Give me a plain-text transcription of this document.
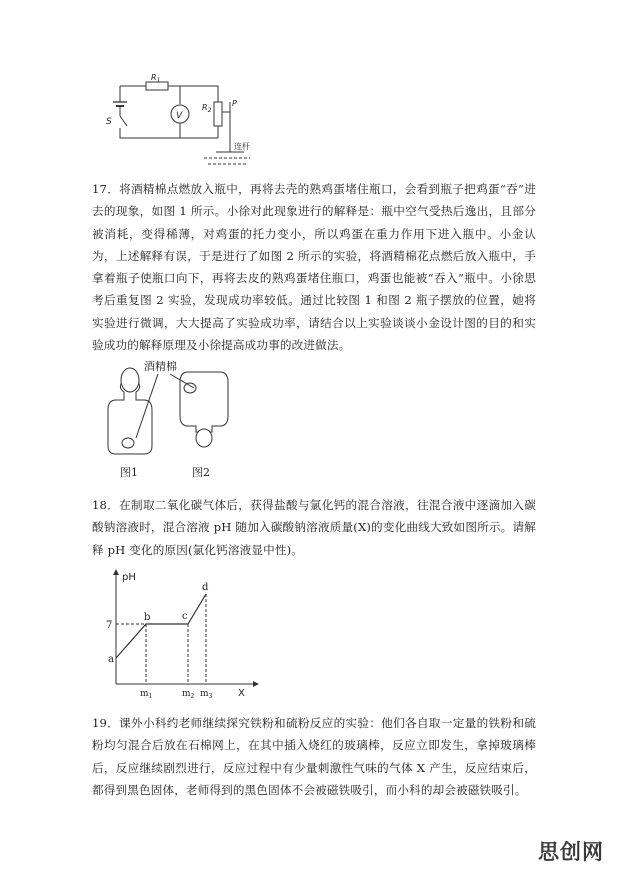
S
$R_1$
V
$R_2$
P
连杆

17．将酒精棉点燃放入瓶中，再将去壳的熟鸡蛋堵住瓶口，会看到瓶子把鸡蛋“吞”进去的现象，如图 1 所示。小徐对此现象进行的解释是：瓶中空气受热后逸出，且部分被消耗，变得稀薄，对鸡蛋的托力变小，所以鸡蛋在重力作用下进入瓶中。小金认为，上述解释有误，于是进行了如图 2 所示的实验，将酒精棉花点燃后放入瓶中，手拿着瓶子使瓶口向下，再将去皮的熟鸡蛋堵住瓶口，鸡蛋也能被“吞入”瓶中。小徐思考后重复图 2 实验，发现成功率较低。通过比较图 1 和图 2 瓶子摆放的位置，她将实验进行微调，大大提高了实验成功率，请结合以上实验谈谈小金设计图的目的和实验成功的解释原理及小徐提高成功事的改进做法。

酒精棉
图1	图2

18．在制取二氧化碳气体后，获得盐酸与氯化钙的混合溶液，往混合液中逐滴加入碳酸钠溶液时，混合溶液 pH 随加入碳酸钠溶液质量(X)的变化曲线大致如图所示。请解释 pH 变化的原因(氯化钙溶液显中性)。

pH
X
7
a
b	c
d
$m_1$	$m_2$ $m_3$

19．课外小科约老师继续探究铁粉和硫粉反应的实验：他们各自取一定量的铁粉和硫粉均匀混合后放在石棉网上，在其中插入烧红的玻璃棒，反应立即发生，拿掉玻璃棒后，反应继续剧烈进行，反应过程中有少量刺激性气味的气体 X 产生，反应结束后，都得到黑色固体，老师得到的黑色固体不会被磁铁吸引，而小科的却会被磁铁吸引。

思创网
